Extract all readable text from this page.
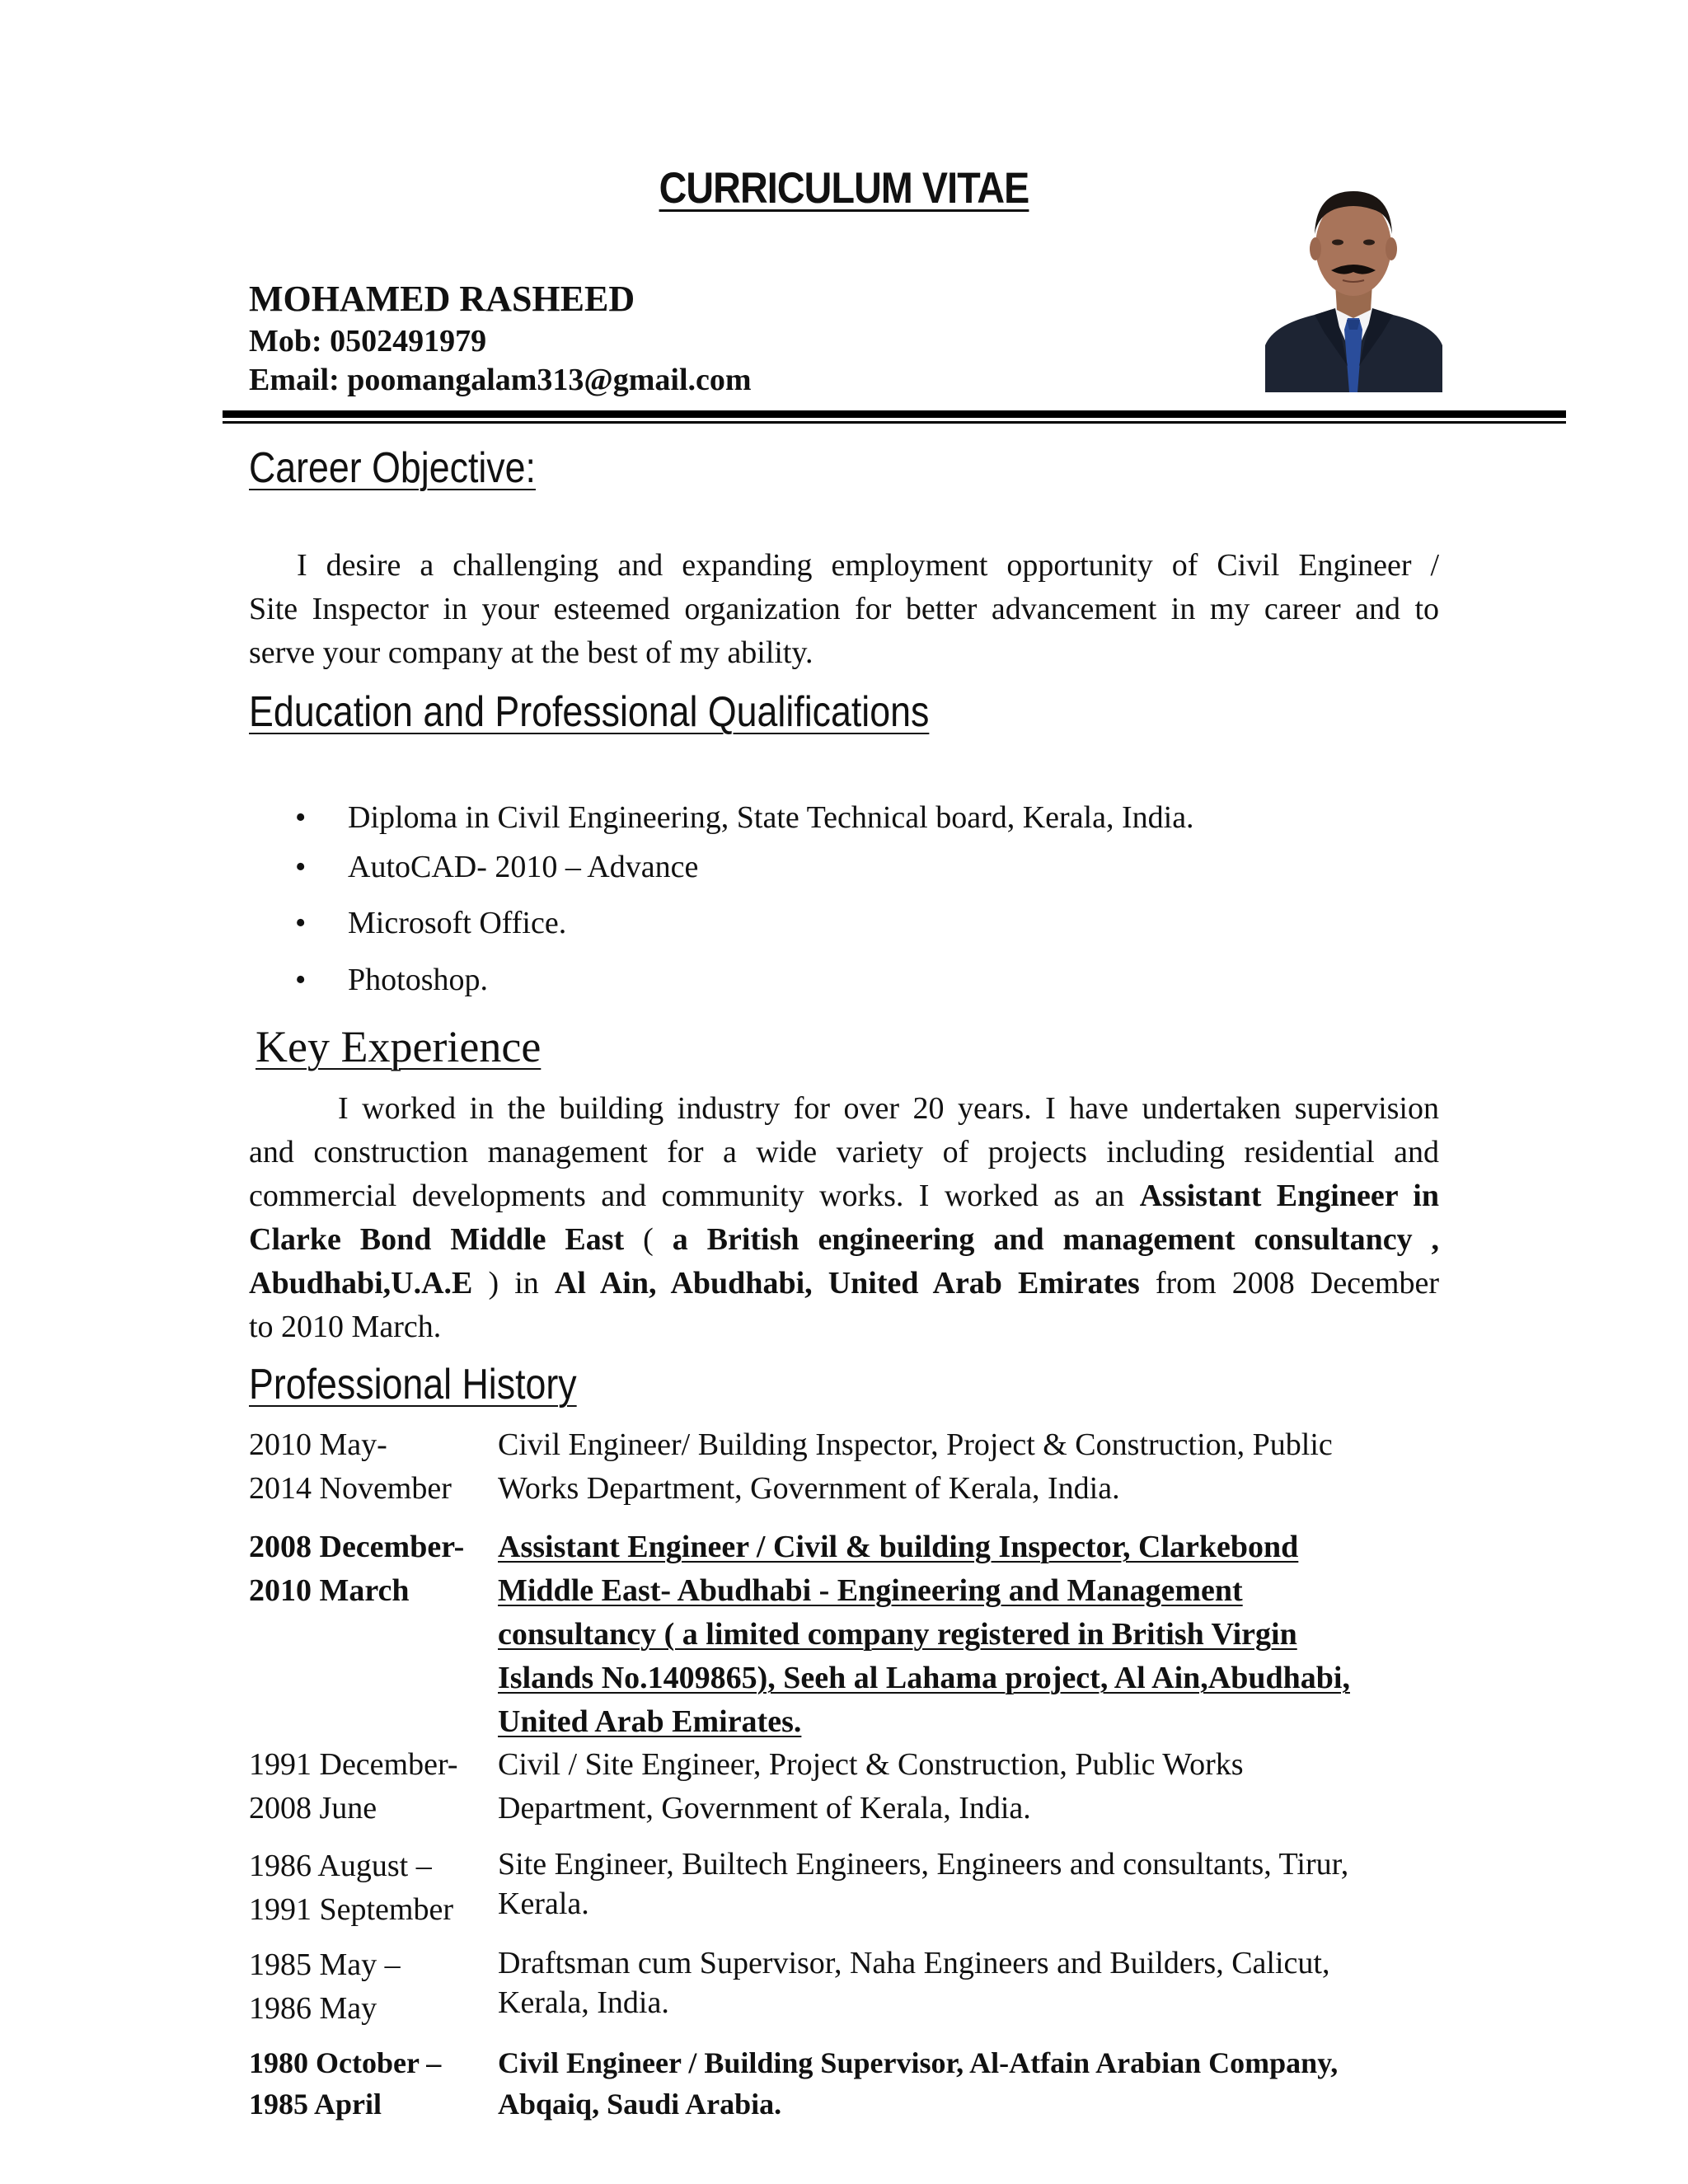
CURRICULUM VITAE
MOHAMED RASHEED
Mob: 0502491979
Email: poomangalam313@gmail.com
Career Objective:
I desire a challenging and expanding employment opportunity of Civil Engineer /
Site Inspector in your esteemed organization for better advancement in my career and to
serve your company at the best of my ability.
Education and Professional Qualifications
• Diploma in Civil Engineering, State Technical board, Kerala, India.
• AutoCAD- 2010 – Advance
• Microsoft Office.
• Photoshop.
Key Experience
I worked in the building industry for over 20 years. I have undertaken supervision
and construction management for a wide variety of projects including residential and
commercial developments and community works. I worked as an Assistant Engineer in
Clarke Bond Middle East ( a British engineering and management consultancy ,
Abudhabi,U.A.E ) in Al Ain, Abudhabi, United Arab Emirates from 2008 December
to 2010 March.
Professional History
2010 May-
2014 November
Civil Engineer/ Building Inspector, Project & Construction, Public
Works Department, Government of Kerala, India.
2008 December-
2010 March
Assistant Engineer / Civil & building Inspector, Clarkebond
Middle East- Abudhabi - Engineering and Management
consultancy ( a limited company registered in British Virgin
Islands No.1409865), Seeh al Lahama project, Al Ain,Abudhabi,
United Arab Emirates.
1991 December-
2008 June
Civil / Site Engineer, Project & Construction, Public Works
Department, Government of Kerala, India.
1986 August –
1991 September
Site Engineer, Builtech Engineers, Engineers and consultants, Tirur,
Kerala.
1985 May –
1986 May
Draftsman cum Supervisor, Naha Engineers and Builders, Calicut,
Kerala, India.
1980 October –
1985 April
Civil Engineer / Building Supervisor, Al-Atfain Arabian Company,
Abqaiq, Saudi Arabia.
